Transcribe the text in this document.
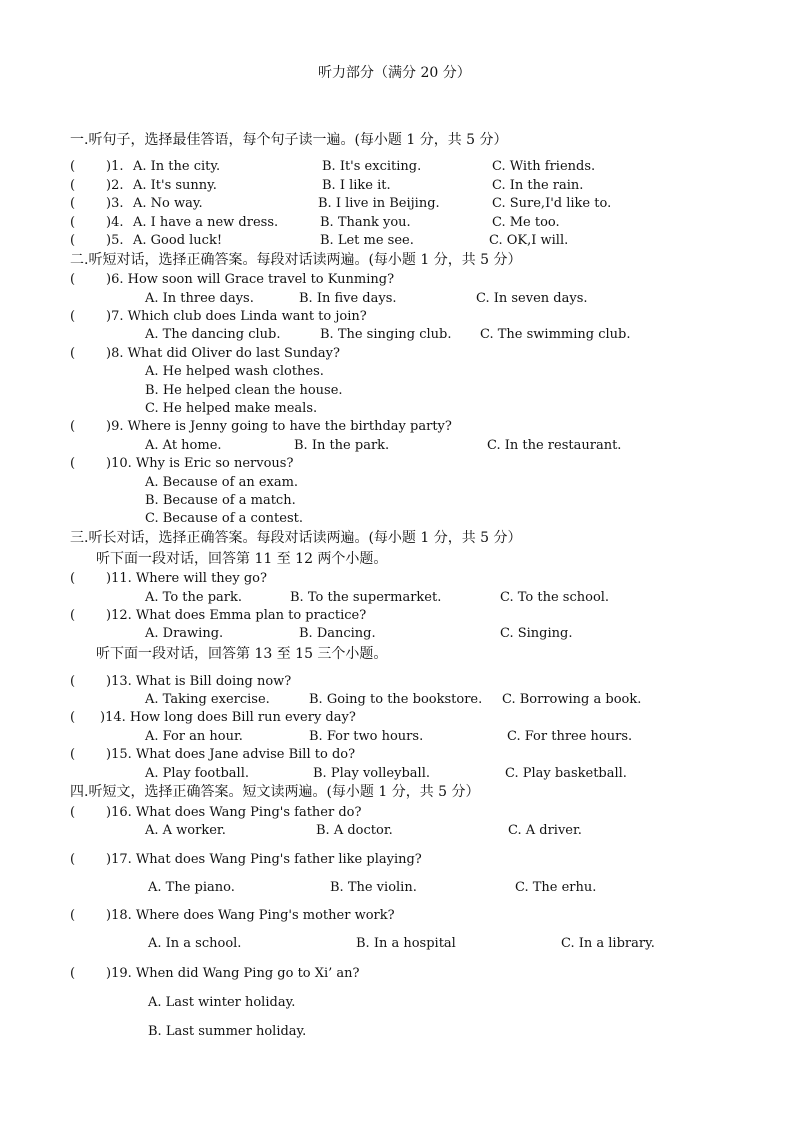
听力部分（满分 20 分）
一.听句子，选择最佳答语，每个句子读一遍。(每小题 1 分，共 5 分）
( )1. A. In the city.	B. It's exciting.	C. With friends.
( )2. A. It's sunny.	B. I like it.	C. In the rain.
( )3. A. No way.	B. I live in Beijing.	C. Sure,I'd like to.
( )4. A. I have a new dress.	B. Thank you.	C. Me too.
( )5. A. Good luck!	B. Let me see.	C. OK,I will.
二.听短对话，选择正确答案。每段对话读两遍。(每小题 1 分，共 5 分）
( )6. How soon will Grace travel to Kunming?
A. In three days.	B. In five days.	C. In seven days.
( )7. Which club does Linda want to join?
A. The dancing club.	B. The singing club. C. The swimming club.
( )8. What did Oliver do last Sunday?
A. He helped wash clothes.
B. He helped clean the house.
C. He helped make meals.
( )9. Where is Jenny going to have the birthday party?
A. At home.	B. In the park.	C. In the restaurant.
( )10. Why is Eric so nervous?
A. Because of an exam.
B. Because of a match.
C. Because of a contest.
三.听长对话，选择正确答案。每段对话读两遍。(每小题 1 分，共 5 分）
听下面一段对话，回答第 11 至 12 两个小题。
( )11. Where will they go?
A. To the park.	B. To the supermarket.	C. To the school.
( )12. What does Emma plan to practice?
A. Drawing.	B. Dancing.	C. Singing.
听下面一段对话，回答第 13 至 15 三个小题。
( )13. What is Bill doing now?
A. Taking exercise.	B. Going to the bookstore. C. Borrowing a book.
( )14. How long does Bill run every day?
A. For an hour.	B. For two hours.	C. For three hours.
( )15. What does Jane advise Bill to do?
A. Play football.	B. Play volleyball.	C. Play basketball.
四.听短文，选择正确答案。短文读两遍。(每小题 1 分，共 5 分）
( )16. What does Wang Ping's father do?
A. A worker.	B. A doctor.	C. A driver.
( )17. What does Wang Ping's father like playing?
A. The piano.	B. The violin.	C. The erhu.
( )18. Where does Wang Ping's mother work?
A. In a school.	B. In a hospital	C. In a library.
( )19. When did Wang Ping go to Xi’ an?
A. Last winter holiday.
B. Last summer holiday.
